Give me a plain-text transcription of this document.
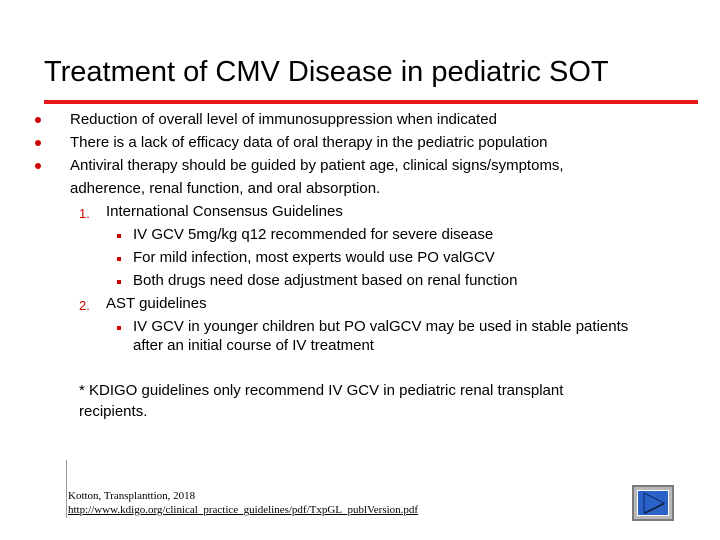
Treatment of CMV Disease in pediatric SOT
Reduction of overall level of immunosuppression when indicated
There is a lack of efficacy data of oral therapy in the pediatric population
Antiviral therapy should be guided by patient age, clinical signs/symptoms,
adherence, renal function, and oral absorption.
1. International Consensus Guidelines
IV GCV 5mg/kg q12 recommended for severe disease
For mild infection, most experts would use PO valGCV
Both drugs need dose adjustment based on renal function
2. AST guidelines
IV GCV in younger children but PO valGCV may be used in stable patients
after an initial course of IV treatment
* KDIGO guidelines only recommend IV GCV in pediatric renal transplant
recipients.
Kotton, Transplanttion, 2018
http://www.kdigo.org/clinical_practice_guidelines/pdf/TxpGL_publVersion.pdf
